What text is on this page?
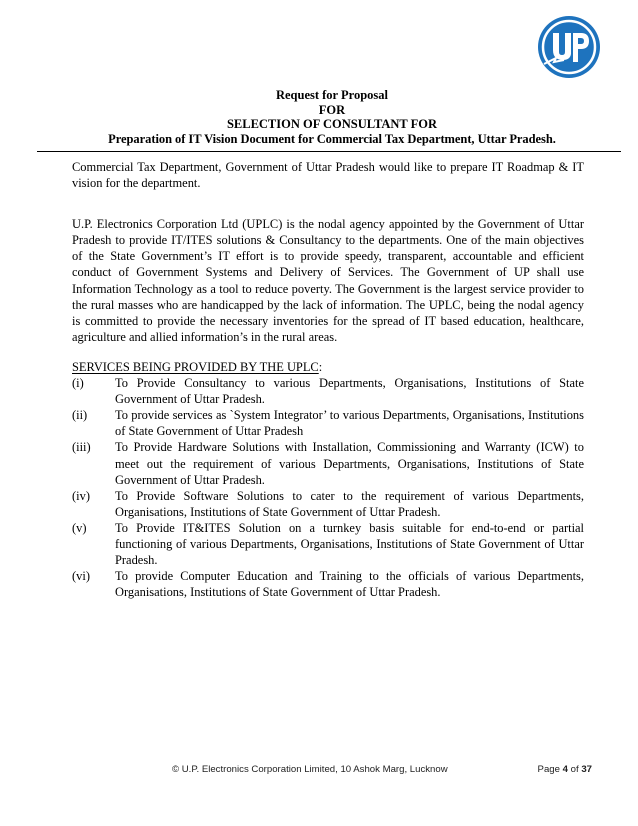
Request for Proposal
FOR
SELECTION OF CONSULTANT FOR
Preparation of IT Vision Document for Commercial Tax Department, Uttar Pradesh.

Commercial Tax Department, Government of Uttar Pradesh would like to prepare IT Roadmap & IT vision for the department.

U.P. Electronics Corporation Ltd (UPLC) is the nodal agency appointed by the Government of Uttar Pradesh to provide IT/ITES solutions & Consultancy to the departments. One of the main objectives of the State Government’s IT effort is to provide speedy, transparent, accountable and efficient conduct of Government Systems and Delivery of Services. The Government of UP shall use Information Technology as a tool to reduce poverty. The Government is the largest service provider to the rural masses who are handicapped by the lack of information. The UPLC, being the nodal agency is committed to provide the necessary inventories for the spread of IT based education, healthcare, agriculture and allied information’s in the rural areas.

SERVICES BEING PROVIDED BY THE UPLC:

(i)	To Provide Consultancy to various Departments, Organisations, Institutions of State Government of Uttar Pradesh.
(ii) To provide services as `System Integrator’ to various Departments, Organisations, Institutions of State Government of Uttar Pradesh
(iii) To Provide Hardware Solutions with Installation, Commissioning and Warranty (ICW) to meet out the requirement of various Departments, Organisations, Institutions of State Government of Uttar Pradesh.
(iv) To Provide Software Solutions to cater to the requirement of various Departments, Organisations, Institutions of State Government of Uttar Pradesh.
(v) To Provide IT&ITES Solution on a turnkey basis suitable for end-to-end or partial functioning of various Departments, Organisations, Institutions of State Government of Uttar Pradesh.
(vi) To provide Computer Education and Training to the officials of various Departments, Organisations, Institutions of State Government of Uttar Pradesh.
© U.P. Electronics Corporation Limited, 10 Ashok Marg, Lucknow	Page 4 of 37
